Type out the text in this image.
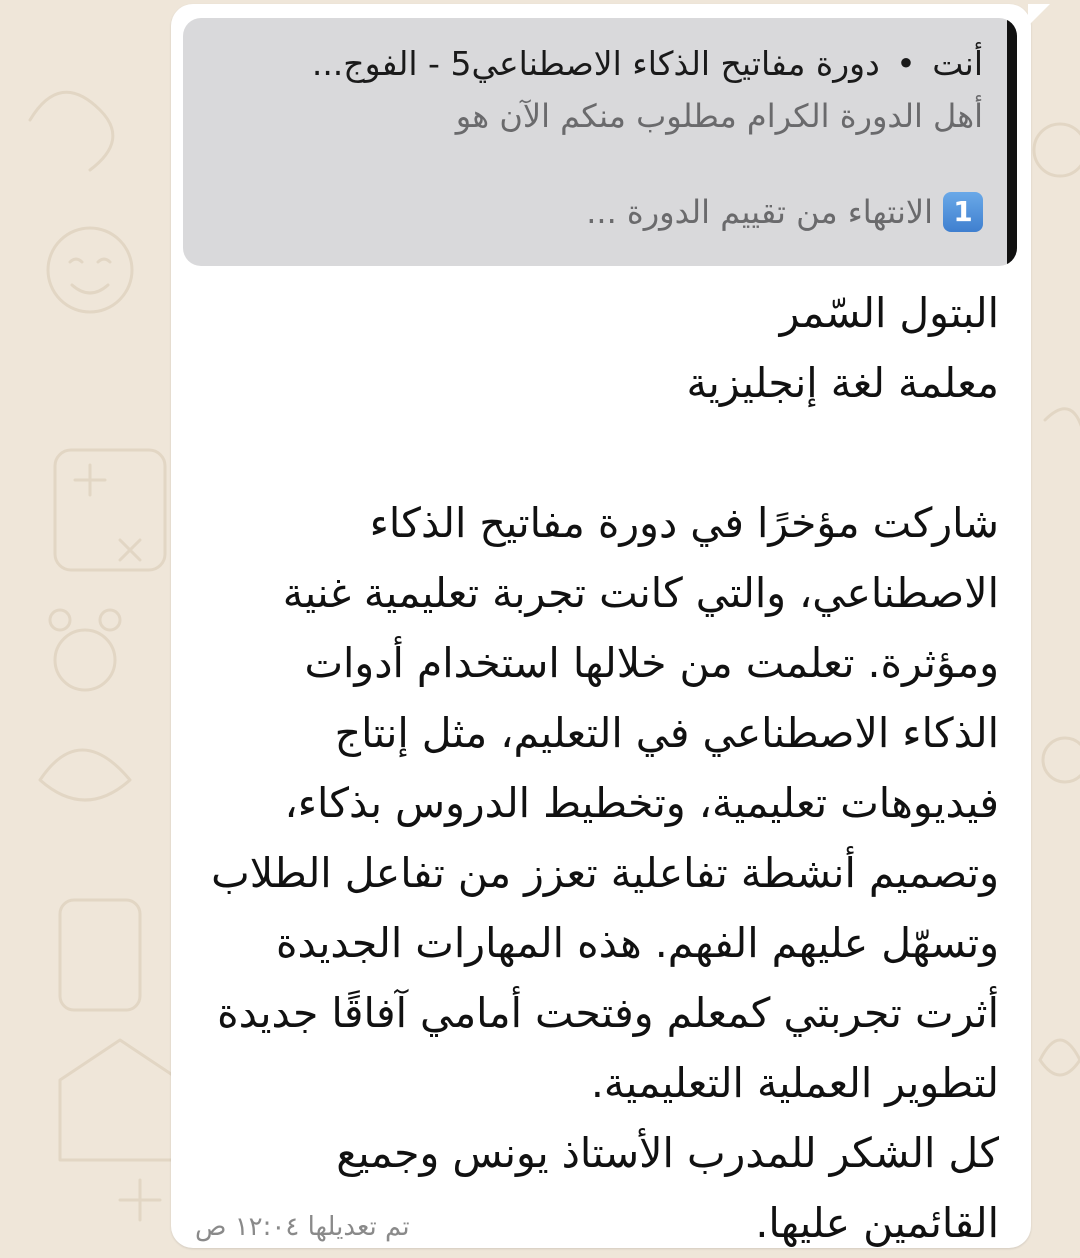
أنت • دورة مفاتيح الذكاء الاصطناعي5 - الفوج...
أهل الدورة الكرام مطلوب منكم الآن هو
1
الانتهاء من تقييم الدورة ...
البتول السّمر
معلمة لغة إنجليزية

شاركت مؤخرًا في دورة مفاتيح الذكاء الاصطناعي، والتي كانت تجربة تعليمية غنية ومؤثرة. تعلمت من خلالها استخدام أدوات الذكاء الاصطناعي في التعليم، مثل إنتاج فيديوهات تعليمية، وتخطيط الدروس بذكاء، وتصميم أنشطة تفاعلية تعزز من تفاعل الطلاب وتسهّل عليهم الفهم. هذه المهارات الجديدة أثرت تجربتي كمعلم وفتحت أمامي آفاقًا جديدة لتطوير العملية التعليمية.
كل الشكر للمدرب الأستاذ يونس وجميع القائمين عليها.
تم تعديلها ١٢:٠٤ ص
